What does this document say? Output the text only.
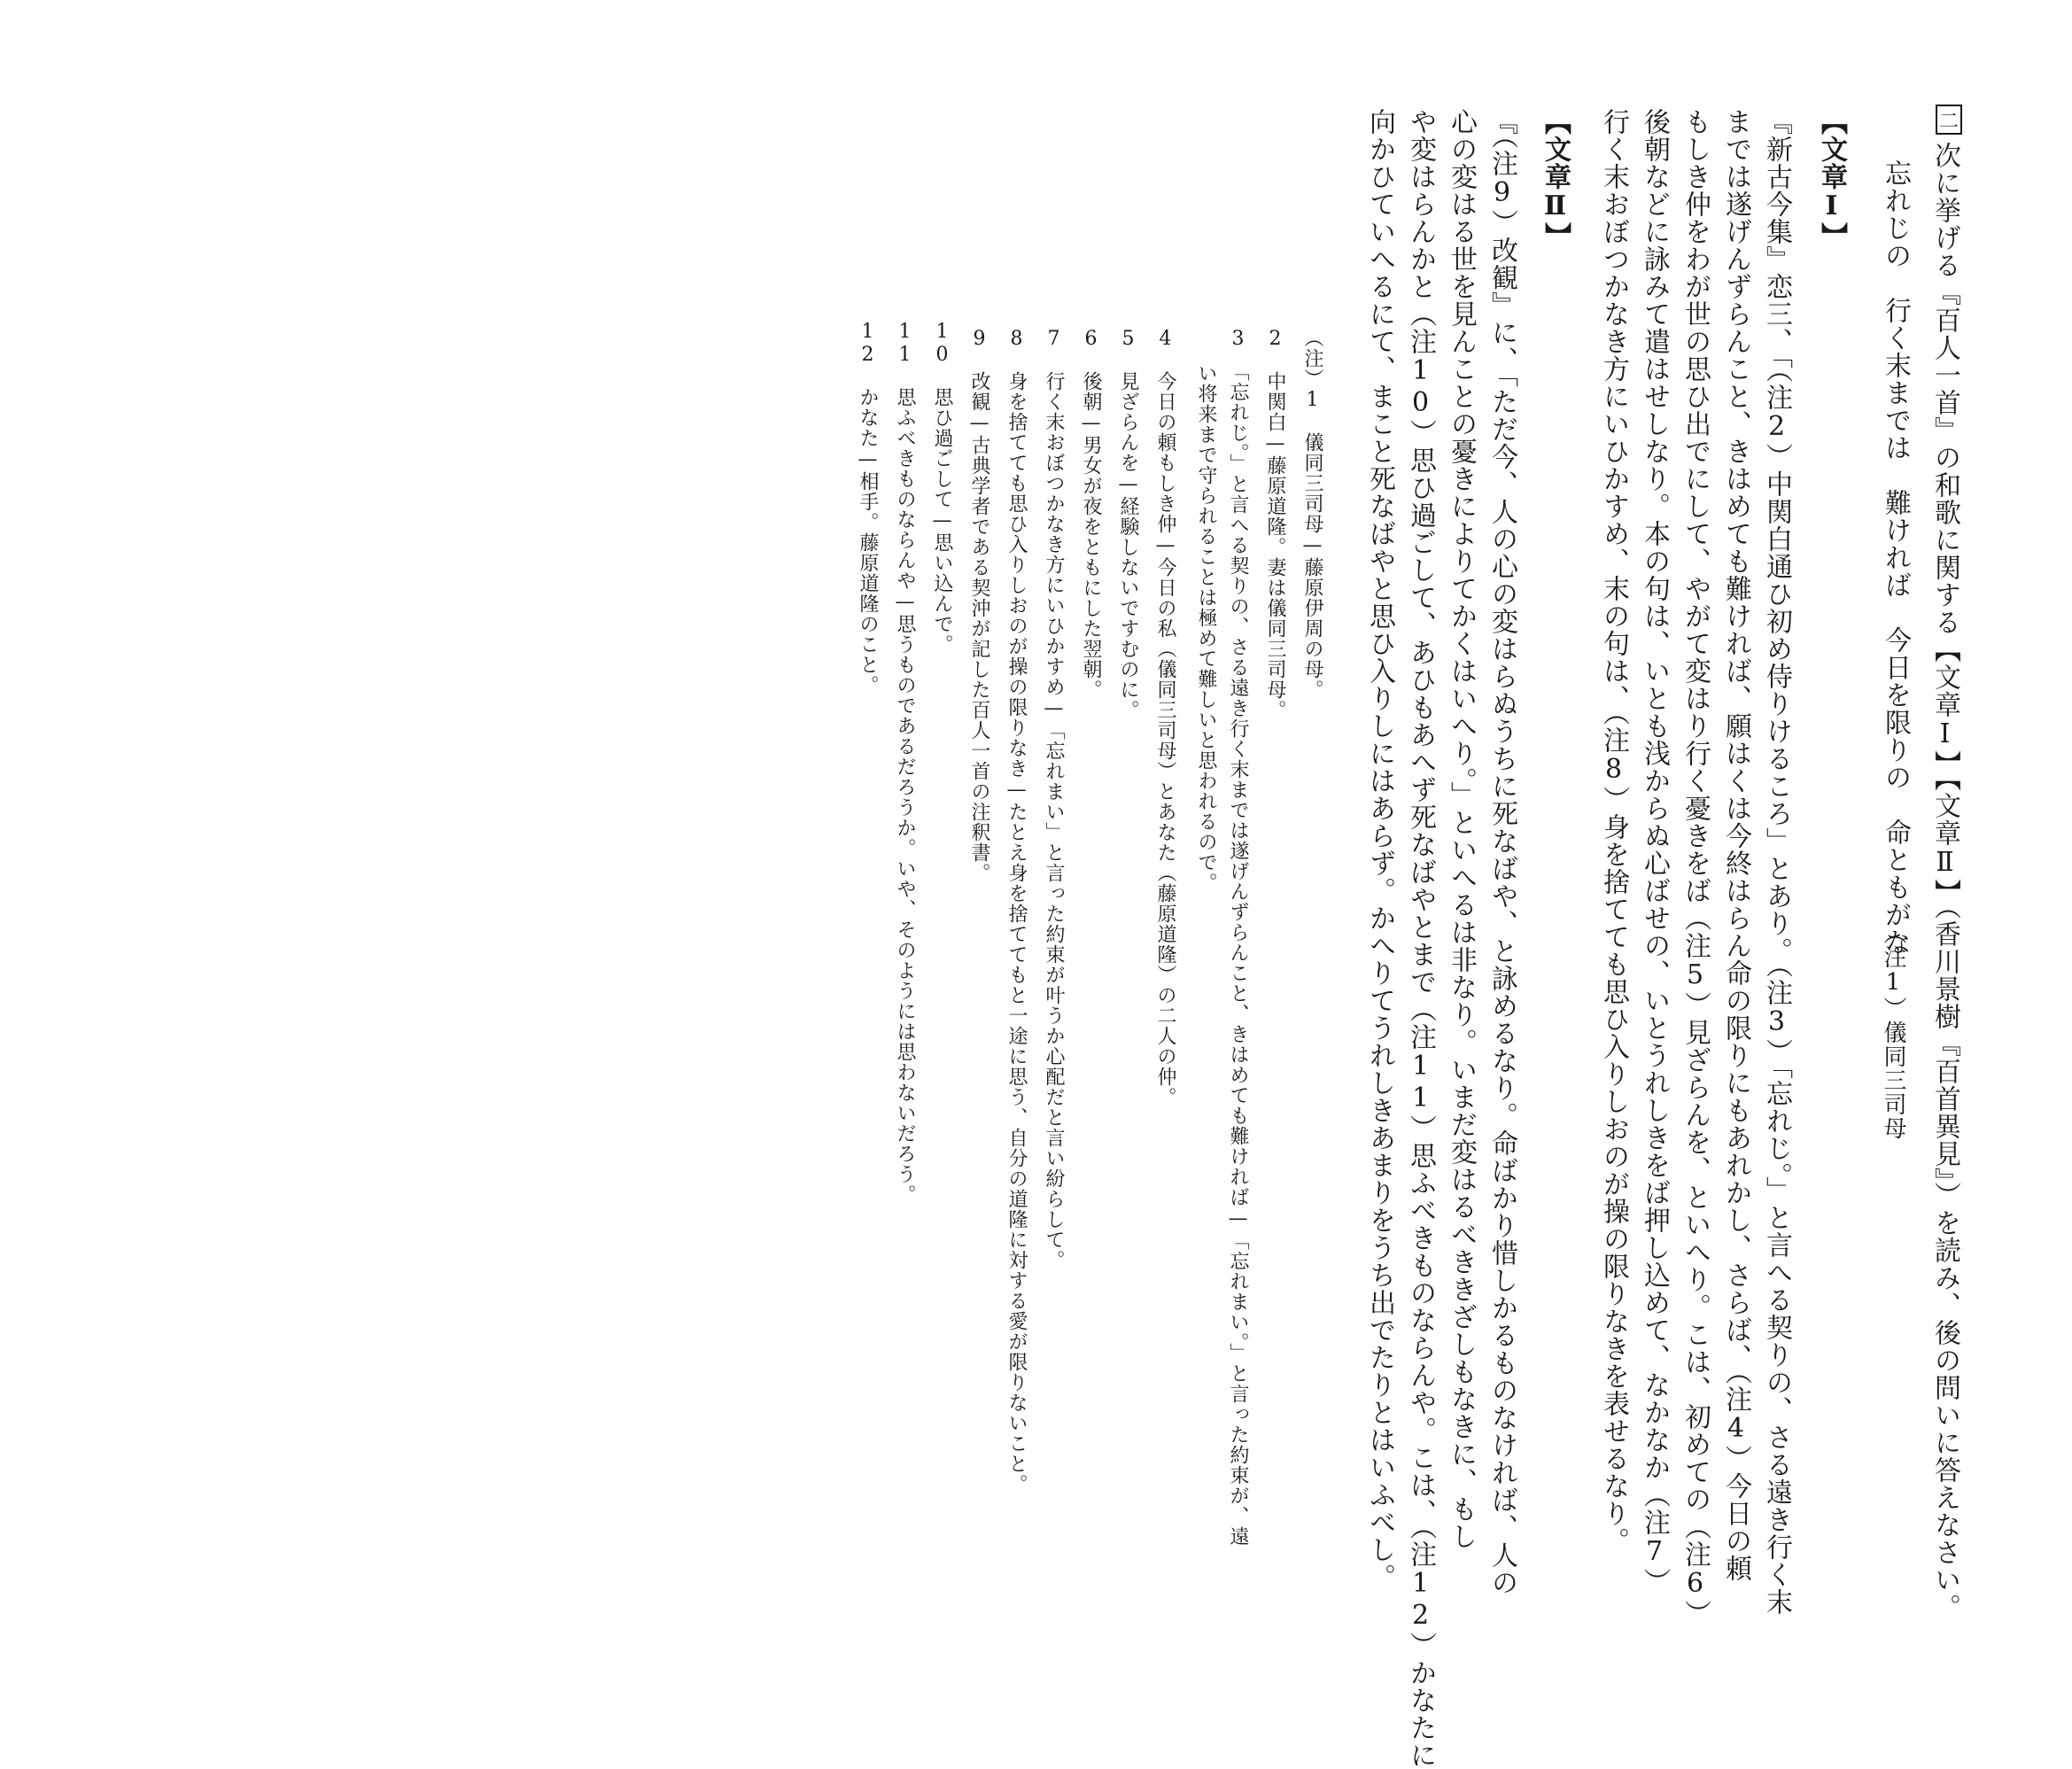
二
次に挙げる『百人一首』の和歌に関する【文章Ⅰ】【文章Ⅱ】（香川景樹『百首異見』）を読み、後の問いに答えなさい。
忘れじの　行く末までは　難ければ　今日を限りの　命ともがな
（注1）儀同三司母
【文章Ⅰ】
『新古今集』恋三、「（注2）中関白通ひ初め侍りけるころ」とあり。（注3）「忘れじ。」と言へる契りの、さる遠き行く末
までは遂げんずらんこと、きはめても難ければ、願はくは今終はらん命の限りにもあれかし、さらば、（注4）今日の頼
もしき仲をわが世の思ひ出でにして、やがて変はり行く憂きをば（注5）見ざらんを、といへり。こは、初めての（注6）
後朝などに詠みて遣はせしなり。本の句は、いとも浅からぬ心ばせの、いとうれしきをば押し込めて、なかなか（注7）
行く末おぼつかなき方にいひかすめ、末の句は、（注8）身を捨てても思ひ入りしおのが操の限りなきを表せるなり。
【文章Ⅱ】
『（注9）改観』に、「ただ今、人の心の変はらぬうちに死なばや、と詠めるなり。命ばかり惜しかるものなければ、人の
心の変はる世を見んことの憂きによりてかくはいへり。」といへるは非なり。いまだ変はるべききざしもなきに、もし
や変はらんかと（注10）思ひ過ごして、あひもあへず死なばやとまで（注11）思ふべきものならんや。こは、（注12）かなたに
向かひていへるにて、まこと死なばやと思ひ入りしにはあらず。かへりてうれしきあまりをうち出でたりとはいふべし。
（注）1　儀同三司母—藤原伊周の母。
2　中関白—藤原道隆。妻は儀同三司母。
3　「忘れじ。」と言へる契りの、さる遠き行く末までは遂げんずらんこと、きはめても難ければ—「忘れまい。」と言った約束が、遠
い将来まで守られることは極めて難しいと思われるので。
4　今日の頼もしき仲—今日の私（儀同三司母）とあなた（藤原道隆）の二人の仲。
5　見ざらんを—経験しないですむのに。
6　後朝—男女が夜をともにした翌朝。
7　行く末おぼつかなき方にいひかすめ—「忘れまい」と言った約束が叶うか心配だと言い紛らして。
8　身を捨てても思ひ入りしおのが操の限りなき—たとえ身を捨ててもと一途に思う、自分の道隆に対する愛が限りないこと。
9　改観—古典学者である契沖が記した百人一首の注釈書。
10　思ひ過ごして—思い込んで。
11　思ふべきものならんや—思うものであるだろうか。いや、そのようには思わないだろう。
12　かなた—相手。藤原道隆のこと。
